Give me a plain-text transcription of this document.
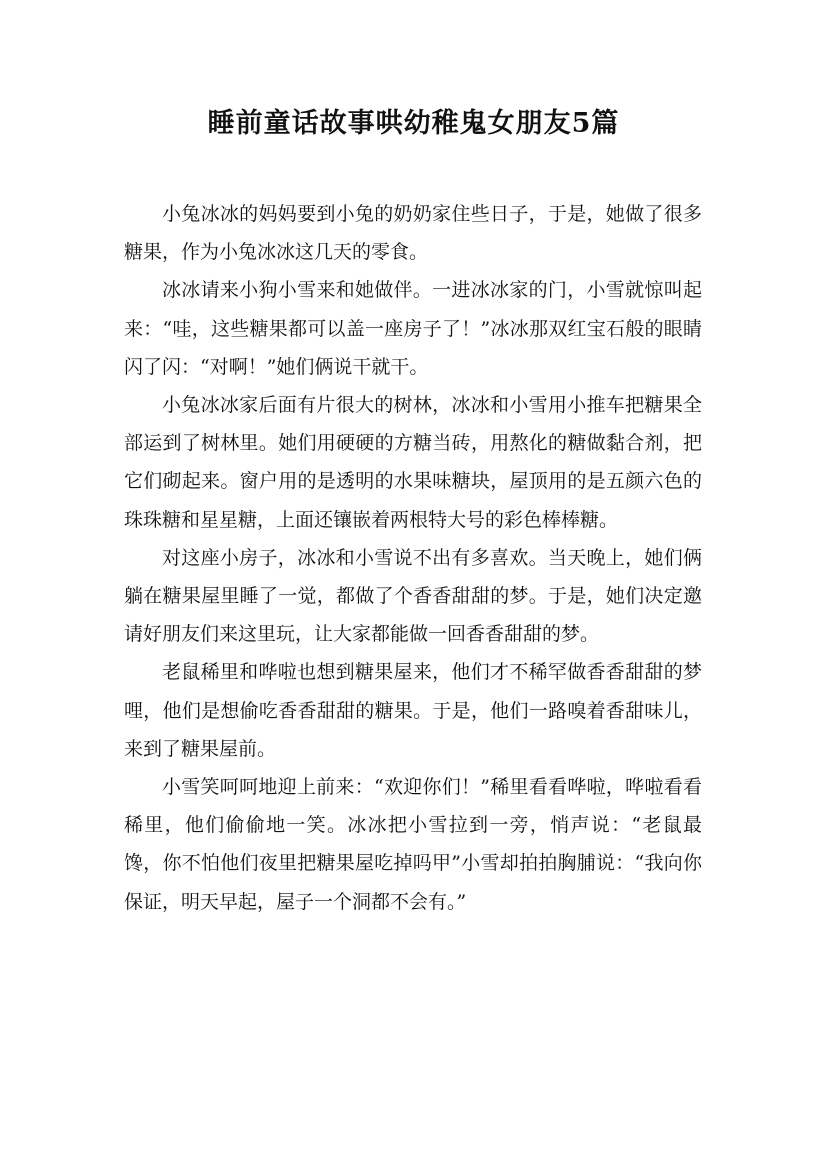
睡前童话故事哄幼稚鬼女朋友5篇

小兔冰冰的妈妈要到小兔的奶奶家住些日子，于是，她做了很多糖果，作为小兔冰冰这几天的零食。

冰冰请来小狗小雪来和她做伴。一进冰冰家的门，小雪就惊叫起来：“哇，这些糖果都可以盖一座房子了！”冰冰那双红宝石般的眼睛闪了闪：“对啊！”她们俩说干就干。

小兔冰冰家后面有片很大的树林，冰冰和小雪用小推车把糖果全部运到了树林里。她们用硬硬的方糖当砖，用熬化的糖做黏合剂，把它们砌起来。窗户用的是透明的水果味糖块，屋顶用的是五颜六色的珠珠糖和星星糖，上面还镶嵌着两根特大号的彩色棒棒糖。

对这座小房子，冰冰和小雪说不出有多喜欢。当天晚上，她们俩躺在糖果屋里睡了一觉，都做了个香香甜甜的梦。于是，她们决定邀请好朋友们来这里玩，让大家都能做一回香香甜甜的梦。

老鼠稀里和哗啦也想到糖果屋来，他们才不稀罕做香香甜甜的梦哩，他们是想偷吃香香甜甜的糖果。于是，他们一路嗅着香甜味儿，来到了糖果屋前。

小雪笑呵呵地迎上前来：“欢迎你们！”稀里看看哗啦，哗啦看看稀里，他们偷偷地一笑。冰冰把小雪拉到一旁，悄声说：“老鼠最馋，你不怕他们夜里把糖果屋吃掉吗甲”小雪却拍拍胸脯说：“我向你保证，明天早起，屋子一个洞都不会有。”
